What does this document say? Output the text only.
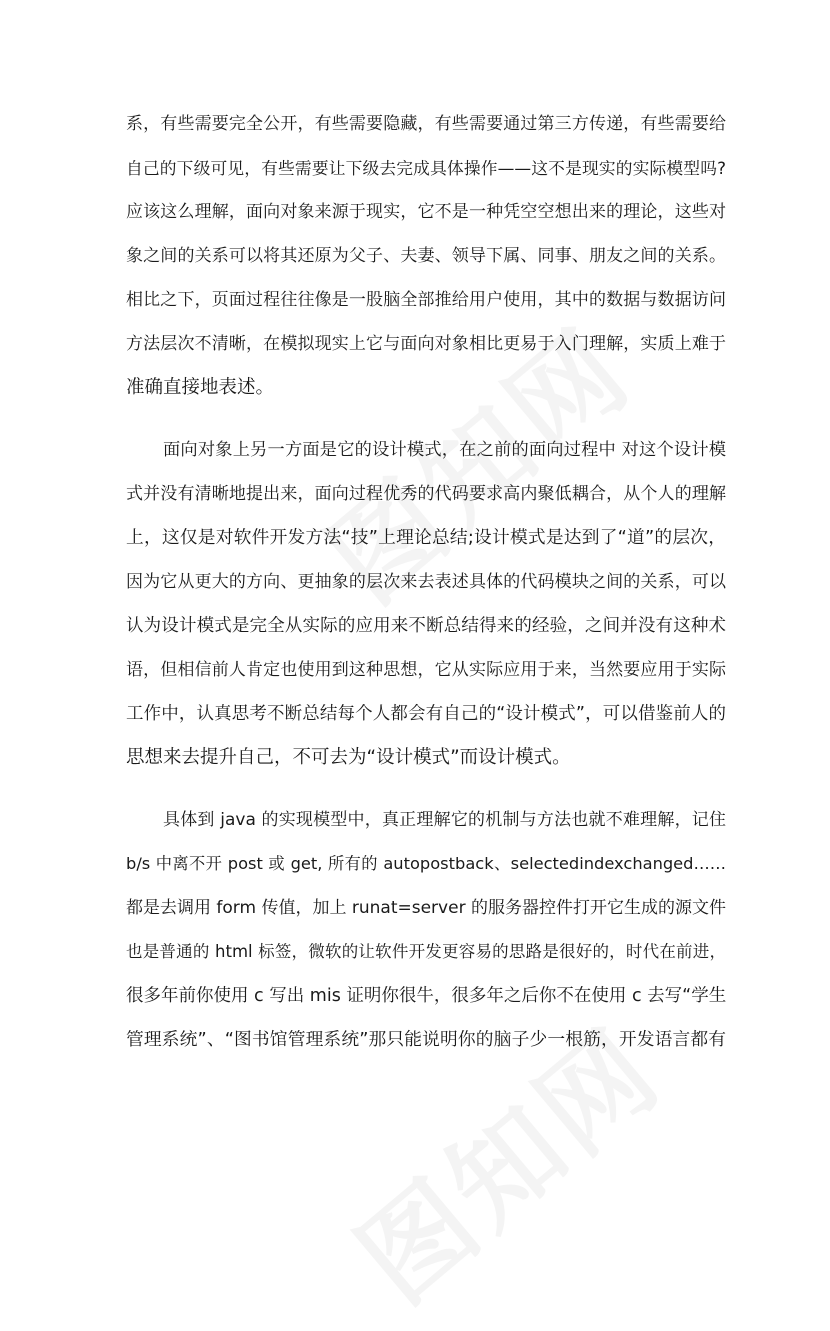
系，有些需要完全公开，有些需要隐藏，有些需要通过第三方传递，有些需要给
自己的下级可见，有些需要让下级去完成具体操作——这不是现实的实际模型吗?
应该这么理解，面向对象来源于现实，它不是一种凭空空想出来的理论，这些对
象之间的关系可以将其还原为父子、夫妻、领导下属、同事、朋友之间的关系。
相比之下，页面过程往往像是一股脑全部推给用户使用，其中的数据与数据访问
方法层次不清晰，在模拟现实上它与面向对象相比更易于入门理解，实质上难于
准确直接地表述。
面向对象上另一方面是它的设计模式，在之前的面向过程中 对这个设计模
式并没有清晰地提出来，面向过程优秀的代码要求高内聚低耦合，从个人的理解
上，这仅是对软件开发方法“技”上理论总结;设计模式是达到了“道”的层次，
因为它从更大的方向、更抽象的层次来去表述具体的代码模块之间的关系，可以
认为设计模式是完全从实际的应用来不断总结得来的经验，之间并没有这种术
语，但相信前人肯定也使用到这种思想，它从实际应用于来，当然要应用于实际
工作中，认真思考不断总结每个人都会有自己的“设计模式”，可以借鉴前人的
思想来去提升自己，不可去为“设计模式”而设计模式。
具体到 java 的实现模型中，真正理解它的机制与方法也就不难理解，记住
b/s 中离不开 post 或 get, 所有的 autopostback、selectedindexchanged……
都是去调用 form 传值，加上 runat=server 的服务器控件打开它生成的源文件
也是普通的 html 标签，微软的让软件开发更容易的思路是很好的，时代在前进，
很多年前你使用 c 写出 mis 证明你很牛，很多年之后你不在使用 c 去写“学生
管理系统”、“图书馆管理系统”那只能说明你的脑子少一根筋，开发语言都有
